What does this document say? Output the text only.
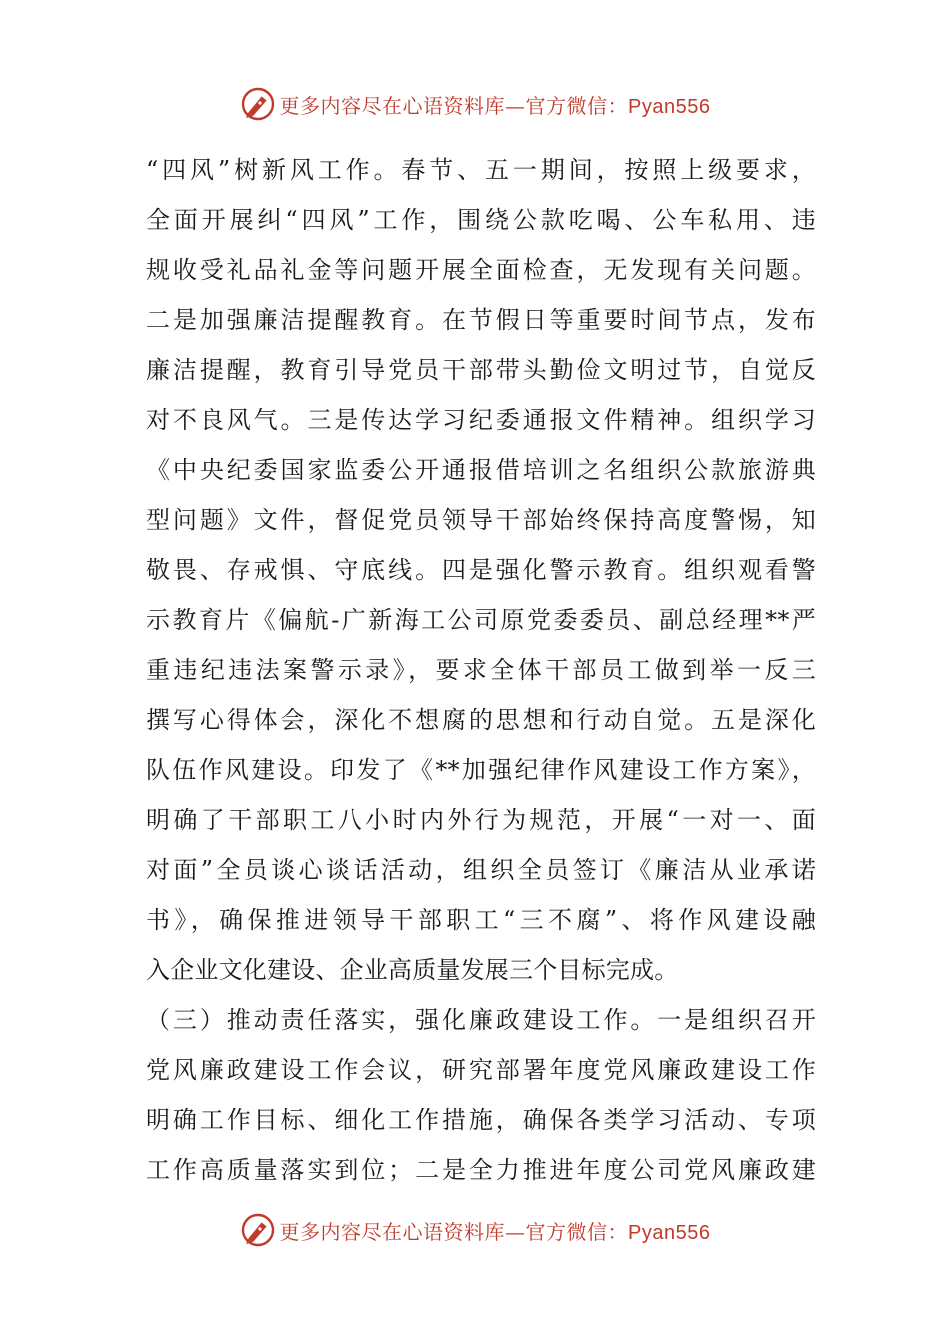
更多内容尽在心语资料库—官方微信：Pyan556
“四风”树新风工作。春节、五一期间，按照上级要求，
全面开展纠“四风”工作，围绕公款吃喝、公车私用、违
规收受礼品礼金等问题开展全面检查，无发现有关问题。
二是加强廉洁提醒教育。在节假日等重要时间节点，发布
廉洁提醒，教育引导党员干部带头勤俭文明过节，自觉反
对不良风气。三是传达学习纪委通报文件精神。组织学习
《中央纪委国家监委公开通报借培训之名组织公款旅游典
型问题》文件，督促党员领导干部始终保持高度警惕，知
敬畏、存戒惧、守底线。四是强化警示教育。组织观看警
示教育片《偏航-广新海工公司原党委委员、副总经理**严
重违纪违法案警示录》，要求全体干部员工做到举一反三
撰写心得体会，深化不想腐的思想和行动自觉。五是深化
队伍作风建设。印发了《**加强纪律作风建设工作方案》，
明确了干部职工八小时内外行为规范，开展“一对一、面
对面”全员谈心谈话活动，组织全员签订《廉洁从业承诺
书》，确保推进领导干部职工“三不腐”、将作风建设融
入企业文化建设、企业高质量发展三个目标完成。
（三）推动责任落实，强化廉政建设工作。一是组织召开
党风廉政建设工作会议，研究部署年度党风廉政建设工作
明确工作目标、细化工作措施，确保各类学习活动、专项
工作高质量落实到位；二是全力推进年度公司党风廉政建
更多内容尽在心语资料库—官方微信：Pyan556
